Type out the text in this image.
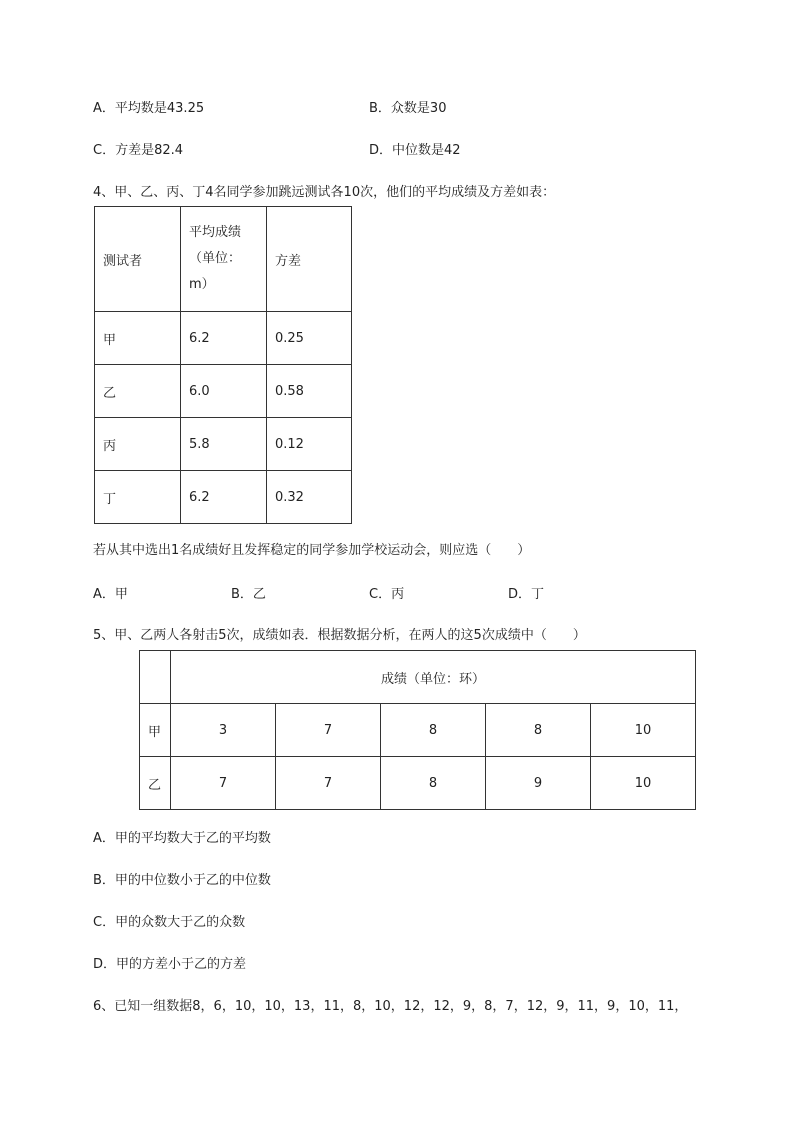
A．平均数是43.25	B．众数是30
C．方差是82.4	D．中位数是42
4、甲、乙、丙、丁4名同学参加跳远测试各10次，他们的平均成绩及方差如表：
测试者	平均成绩（单位：m）	方差
甲	6.2	0.25
乙	6.0	0.58
丙	5.8	0.12
丁	6.2	0.32
若从其中选出1名成绩好且发挥稳定的同学参加学校运动会，则应选（　　）
A．甲	B．乙	C．丙	D．丁
5、甲、乙两人各射击5次，成绩如表．根据数据分析，在两人的这5次成绩中（　　）
	成绩（单位：环）				
甲	3	7	8	8	10
乙	7	7	8	9	10
A．甲的平均数大于乙的平均数
B．甲的中位数小于乙的中位数
C．甲的众数大于乙的众数
D．甲的方差小于乙的方差
6、已知一组数据8，6，10，10，13，11，8，10，12，12，9，8，7，12，9，11，9，10，11，
